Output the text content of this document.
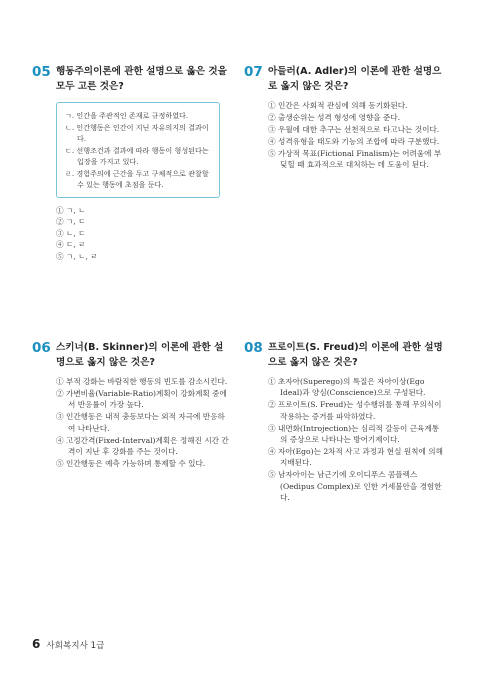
05 행동주의이론에 관한 설명으로 옳은 것을 모두 고른 것은?
ㄱ. 인간을 주관적인 존재로 규정하였다.
ㄴ. 인간행동은 인간이 지닌 자유의지의 결과이다.
ㄷ. 선행조건과 결과에 따라 행동이 형성된다는 입장을 가지고 있다.
ㄹ. 경험주의에 근간을 두고 구체적으로 관찰할 수 있는 행동에 초점을 둔다.
① ㄱ, ㄴ
② ㄱ, ㄷ
③ ㄴ, ㄷ
④ ㄷ, ㄹ
⑤ ㄱ, ㄴ, ㄹ
07 아들러(A. Adler)의 이론에 관한 설명으로 옳지 않은 것은?
① 인간은 사회적 관심에 의해 동기화된다.
② 출생순위는 성격 형성에 영향을 준다.
③ 우월에 대한 추구는 선천적으로 타고나는 것이다.
④ 성격유형을 태도와 기능의 조합에 따라 구분했다.
⑤ 가상적 목표(Fictional Finalism)는 어려움에 부딪힐 때 효과적으로 대처하는 데 도움이 된다.
06 스키너(B. Skinner)의 이론에 관한 설명으로 옳지 않은 것은?
① 부적 강화는 바람직한 행동의 빈도를 감소시킨다.
② 가변비율(Variable-Ratio)계획이 강화계획 중에서 반응률이 가장 높다.
③ 인간행동은 내적 충동보다는 외적 자극에 반응하여 나타난다.
④ 고정간격(Fixed-Interval)계획은 정해진 시간 간격이 지난 후 강화를 주는 것이다.
⑤ 인간행동은 예측 가능하며 통제할 수 있다.
08 프로이트(S. Freud)의 이론에 관한 설명으로 옳지 않은 것은?
① 초자아(Superego)의 특질은 자아이상(Ego Ideal)과 양심(Conscience)으로 구성된다.
② 프로이트(S. Freud)는 성수행위를 통해 무의식이 작용하는 증거를 파악하였다.
③ 내면화(Introjection)는 심리적 갈등이 근육계통의 증상으로 나타나는 방어기제이다.
④ 자아(Ego)는 2차적 사고 과정과 현실 원칙에 의해 지배된다.
⑤ 남자아이는 남근기에 오이디푸스 콤플렉스(Oedipus Complex)로 인한 거세불안을 경험한다.
6 사회복지사 1급
